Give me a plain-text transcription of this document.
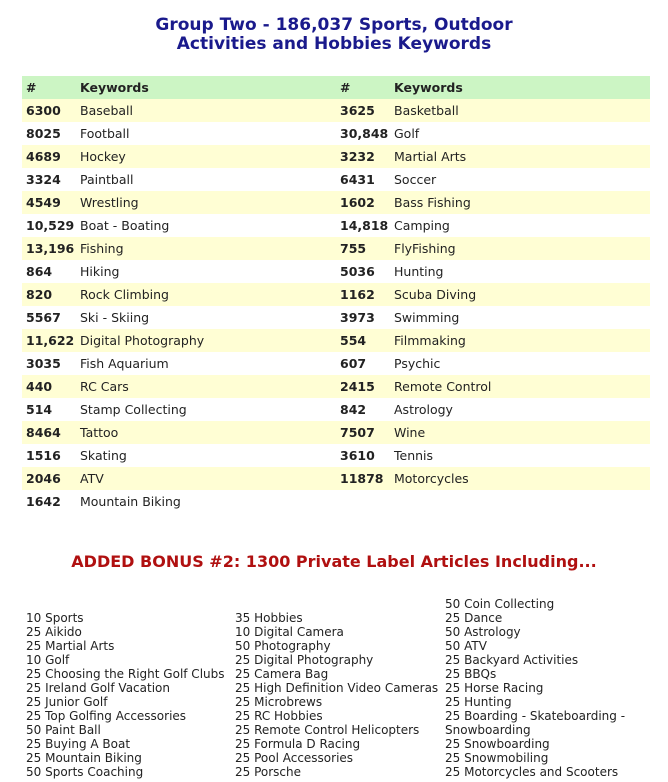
Group Two - 186,037 Sports, Outdoor
Activities and Hobbies Keywords
#	Keywords	#	Keywords
6300	Baseball	3625	Basketball
8025	Football	30,848	Golf
4689	Hockey	3232	Martial Arts
3324	Paintball	6431	Soccer
4549	Wrestling	1602	Bass Fishing
10,529	Boat - Boating	14,818	Camping
13,196	Fishing	755	FlyFishing
864	Hiking	5036	Hunting
820	Rock Climbing	1162	Scuba Diving
5567	Ski - Skiing	3973	Swimming
11,622	Digital Photography	554	Filmmaking
3035	Fish Aquarium	607	Psychic
440	RC Cars	2415	Remote Control
514	Stamp Collecting	842	Astrology
8464	Tattoo	7507	Wine
1516	Skating	3610	Tennis
2046	ATV	11878	Motorcycles
1642	Mountain Biking		
ADDED BONUS #2: 1300 Private Label Articles Including...
10 Sports
25 Aikido
25 Martial Arts
10 Golf
25 Choosing the Right Golf Clubs
25 Ireland Golf Vacation
25 Junior Golf
25 Top Golfing Accessories
50 Paint Ball
25 Buying A Boat
25 Mountain Biking
50 Sports Coaching
35 Hobbies
10 Digital Camera
50 Photography
25 Digital Photography
25 Camera Bag
25 High Definition Video Cameras
25 Microbrews
25 RC Hobbies
25 Remote Control Helicopters
25 Formula D Racing
25 Pool Accessories
25 Porsche
50 Coin Collecting
25 Dance
50 Astrology
50 ATV
25 Backyard Activities
25 BBQs
25 Horse Racing
25 Hunting
25 Boarding - Skateboarding - Snowboarding
25 Snowboarding
25 Snowmobiling
25 Motorcycles and Scooters
